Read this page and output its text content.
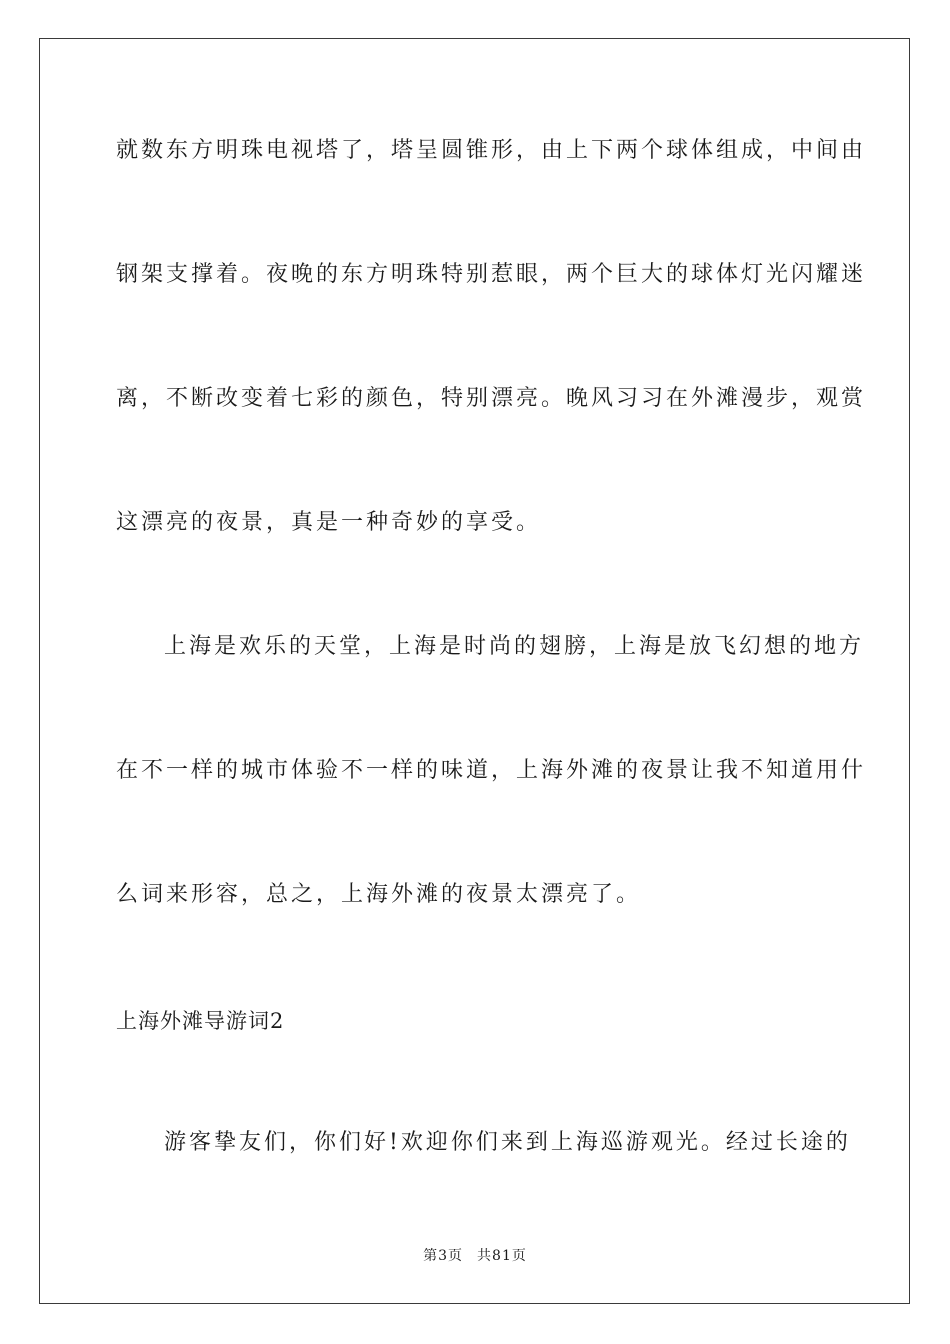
就数东方明珠电视塔了，塔呈圆锥形，由上下两个球体组成，中间由
钢架支撑着。夜晚的东方明珠特别惹眼，两个巨大的球体灯光闪耀迷
离，不断改变着七彩的颜色，特别漂亮。晚风习习在外滩漫步，观赏
这漂亮的夜景，真是一种奇妙的享受。
上海是欢乐的天堂，上海是时尚的翅膀，上海是放飞幻想的地方
在不一样的城市体验不一样的味道，上海外滩的夜景让我不知道用什
么词来形容，总之，上海外滩的夜景太漂亮了。
上海外滩导游词2
游客挚友们，你们好!欢迎你们来到上海巡游观光。经过长途的
第3页 共81页
